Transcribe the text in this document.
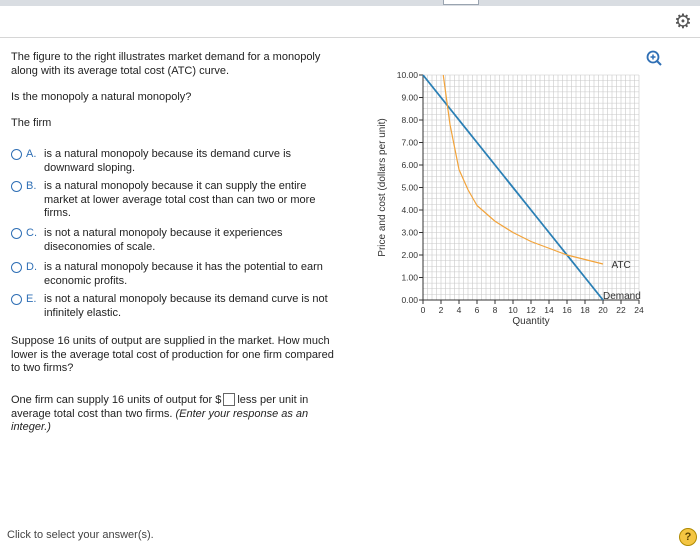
⚙

The figure to the right illustrates market demand for a monopoly along with its average total cost (ATC) curve.

Is the monopoly a natural monopoly?

The firm

A. is a natural monopoly because its demand curve is downward sloping.
B. is a natural monopoly because it can supply the entire market at lower average total cost than can two or more firms.
C. is not a natural monopoly because it experiences diseconomies of scale.
D. is a natural monopoly because it has the potential to earn economic profits.
E. is not a natural monopoly because its demand curve is not infinitely elastic.

Suppose 16 units of output are supplied in the market. How much lower is the average total cost of production for one firm compared to two firms?

One firm can supply 16 units of output for $ less per unit in average total cost than two firms. (Enter your response as an integer.)

0.00
1.00
2.00
3.00
4.00
5.00
6.00
7.00
8.00
9.00
10.00
0 2 4 6 8 10 12 14 16 18 20 22 24
Quantity
Price and cost (dollars per unit)
ATC
Demand
Click to select your answer(s).	?
